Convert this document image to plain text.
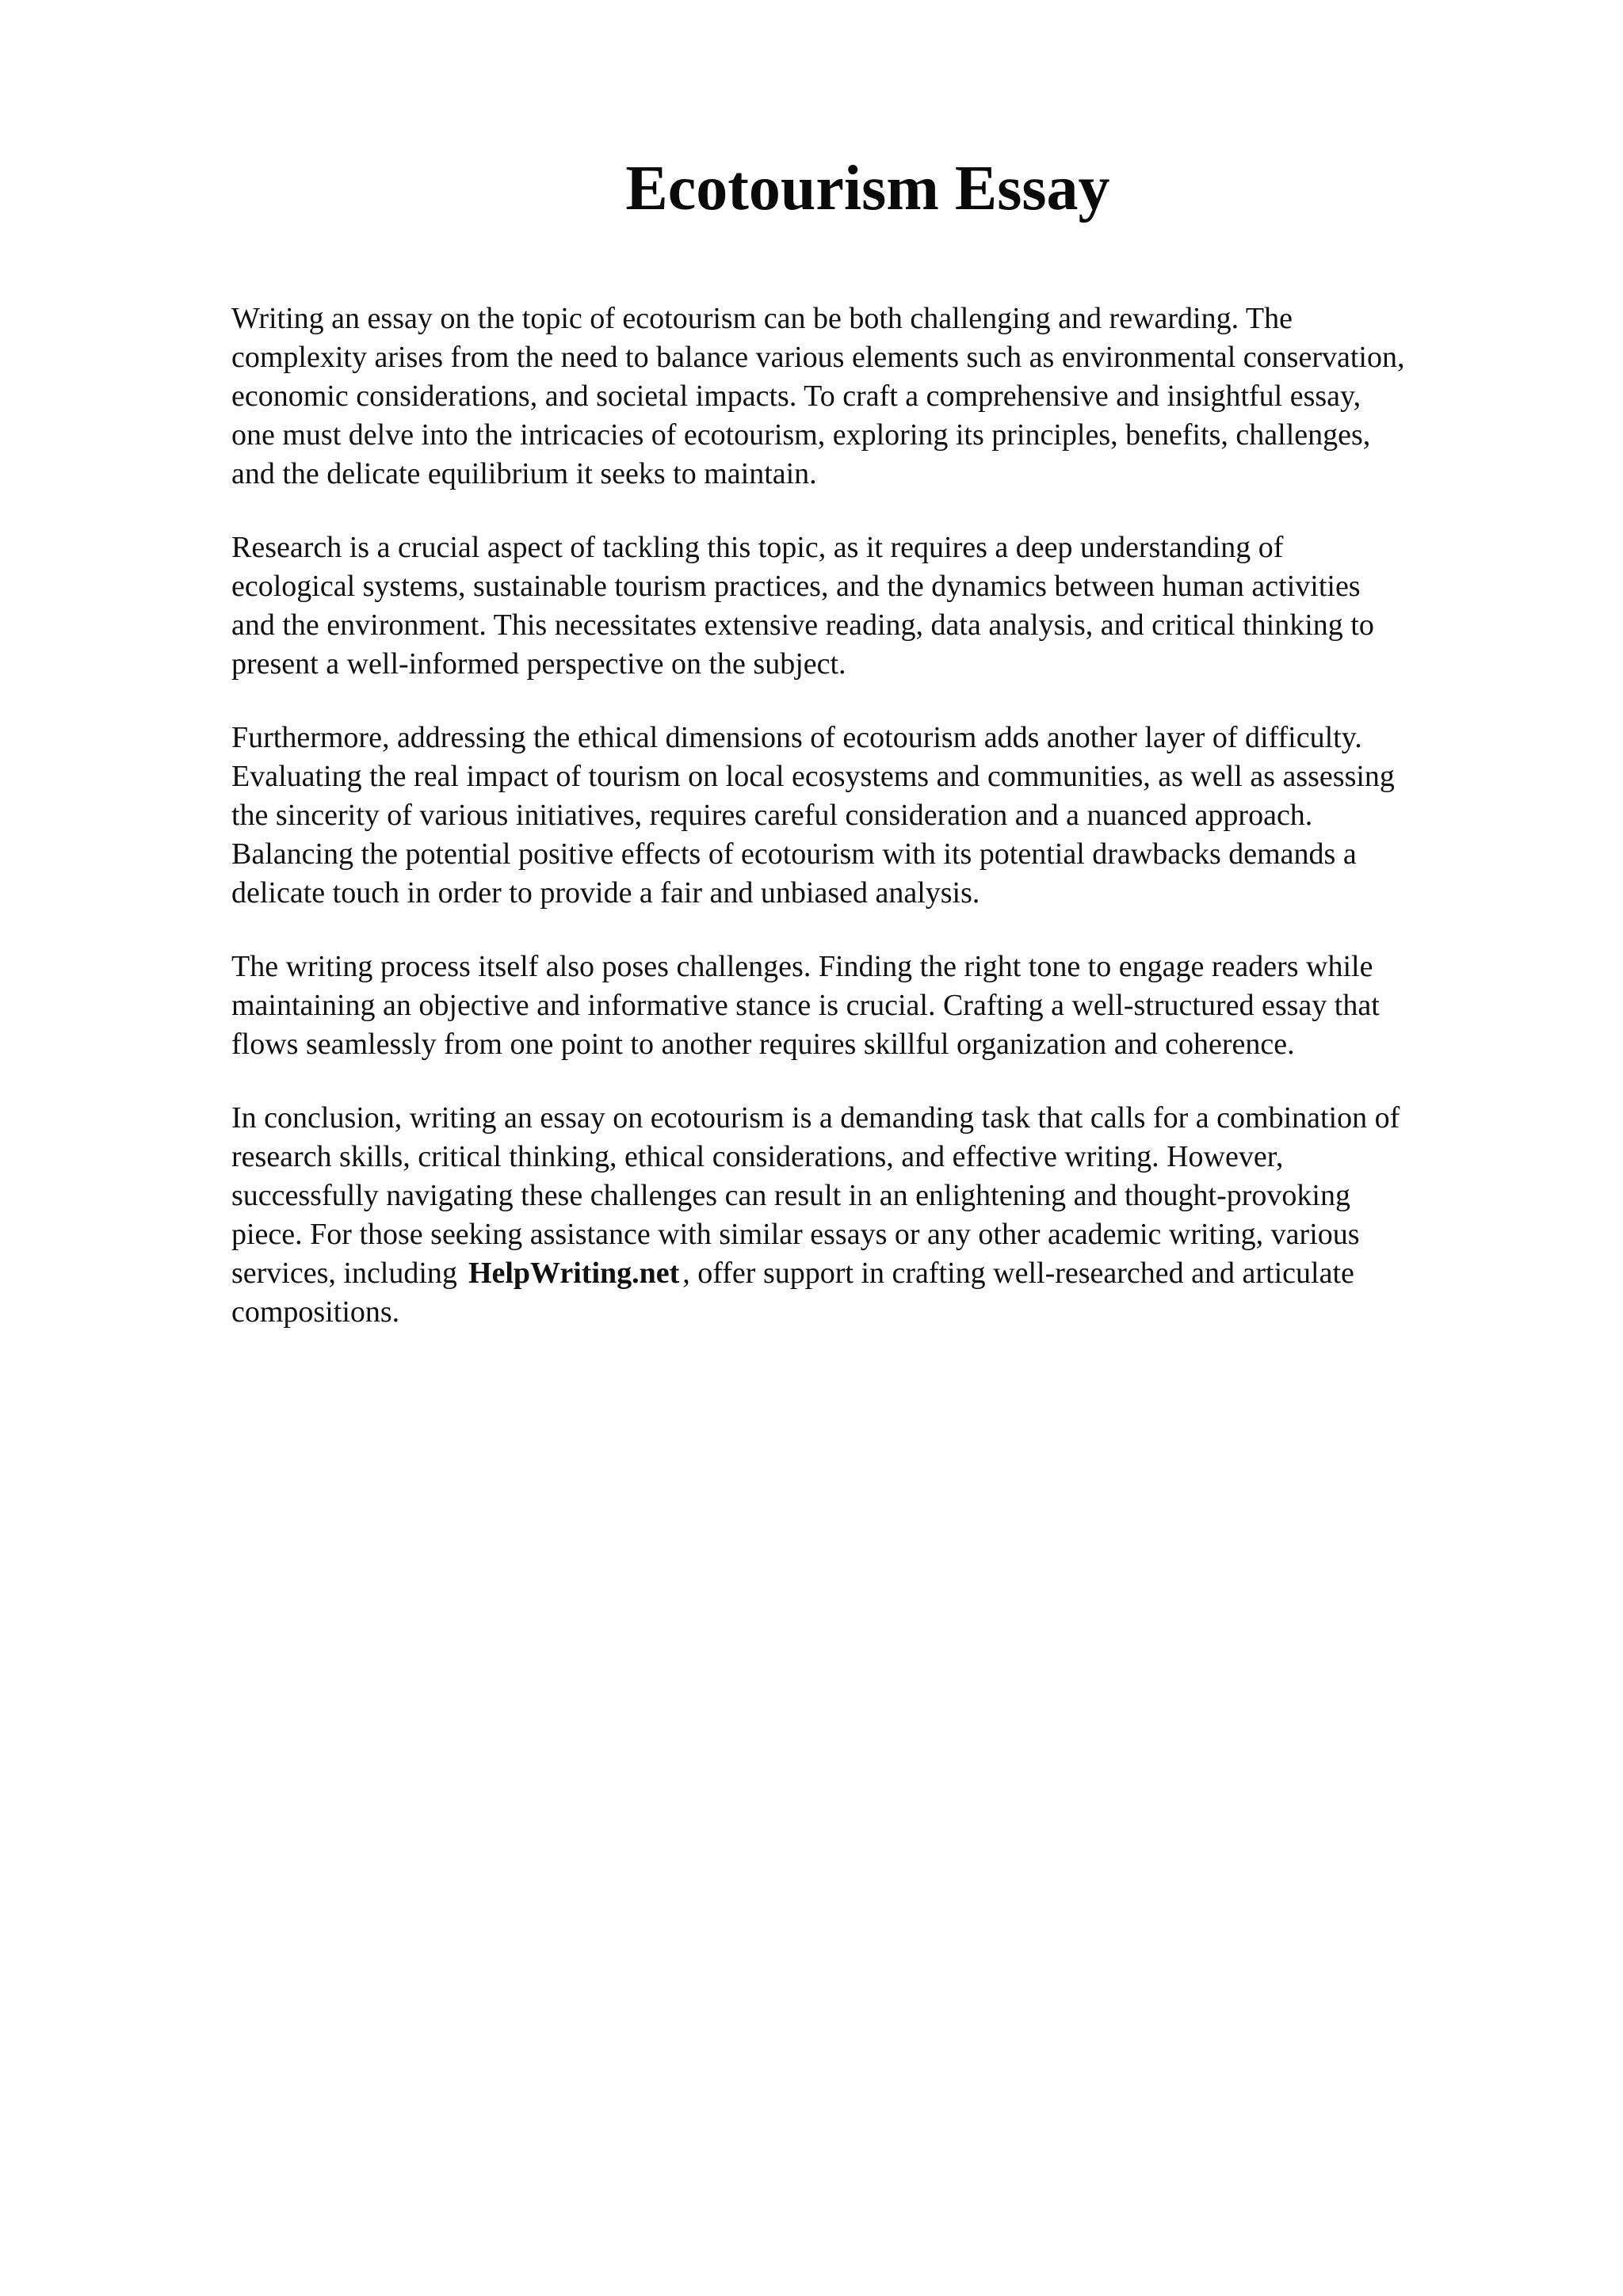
Ecotourism Essay

Writing an essay on the topic of ecotourism can be both challenging and rewarding. The
complexity arises from the need to balance various elements such as environmental conservation,
economic considerations, and societal impacts. To craft a comprehensive and insightful essay,
one must delve into the intricacies of ecotourism, exploring its principles, benefits, challenges,
and the delicate equilibrium it seeks to maintain.

Research is a crucial aspect of tackling this topic, as it requires a deep understanding of
ecological systems, sustainable tourism practices, and the dynamics between human activities
and the environment. This necessitates extensive reading, data analysis, and critical thinking to
present a well-informed perspective on the subject.

Furthermore, addressing the ethical dimensions of ecotourism adds another layer of difficulty.
Evaluating the real impact of tourism on local ecosystems and communities, as well as assessing
the sincerity of various initiatives, requires careful consideration and a nuanced approach.
Balancing the potential positive effects of ecotourism with its potential drawbacks demands a
delicate touch in order to provide a fair and unbiased analysis.

The writing process itself also poses challenges. Finding the right tone to engage readers while
maintaining an objective and informative stance is crucial. Crafting a well-structured essay that
flows seamlessly from one point to another requires skillful organization and coherence.

In conclusion, writing an essay on ecotourism is a demanding task that calls for a combination of
research skills, critical thinking, ethical considerations, and effective writing. However,
successfully navigating these challenges can result in an enlightening and thought-provoking
piece. For those seeking assistance with similar essays or any other academic writing, various
services, including HelpWriting.net , offer support in crafting well-researched and articulate
compositions.
